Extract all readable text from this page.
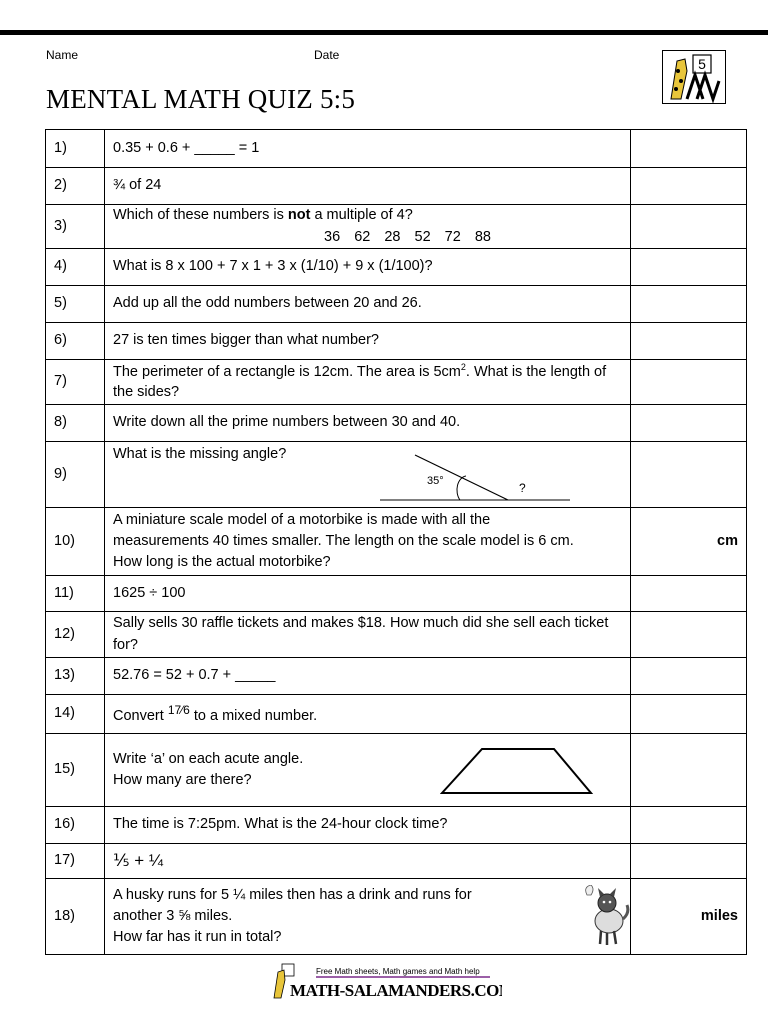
Name	Date
MENTAL MATH QUIZ 5:5
5
1)	0.35 + 0.6 + _____ = 1	
2)	¾ of 24	
3)	Which of these numbers is not a multiple of 4?
36 62 28 52 72 88	

4)	What is 8 x 100 + 7 x 1 + 3 x (1/10) + 9 x (1/100)?	
5)	Add up all the odd numbers between 20 and 26.	
6)	27 is ten times bigger than what number?	
7)	The perimeter of a rectangle is 12cm. The area is $5cm^2$. What is the length of the sides?	
8)	Write down all the prime numbers between 30 and 40.	
9)	What is the missing angle?
35° ?	

10)	A miniature scale model of a motorbike is made with all the
measurements 40 times smaller. The length on the scale model is 6 cm.
How long is the actual motorbike?	cm
11)	1625 ÷ 100	
12)	Sally sells 30 raffle tickets and makes $18. How much did she sell each ticket for?	
13)	52.76 = 52 + 0.7 + _____	
14)	Convert $^{17⁄6}$ to a mixed number.	
15)	Write ‘a’ on each acute angle.
How many are there?	

16)	The time is 7:25pm. What is the 24-hour clock time?	
17)	⅕ + ¼	
18)	A husky runs for 5 ¼ miles then has a drink and runs for
another 3 ⅝ miles.
How far has it run in total?	miles
Free Math sheets, Math games and Math help
MATH-SALAMANDERS.COM
